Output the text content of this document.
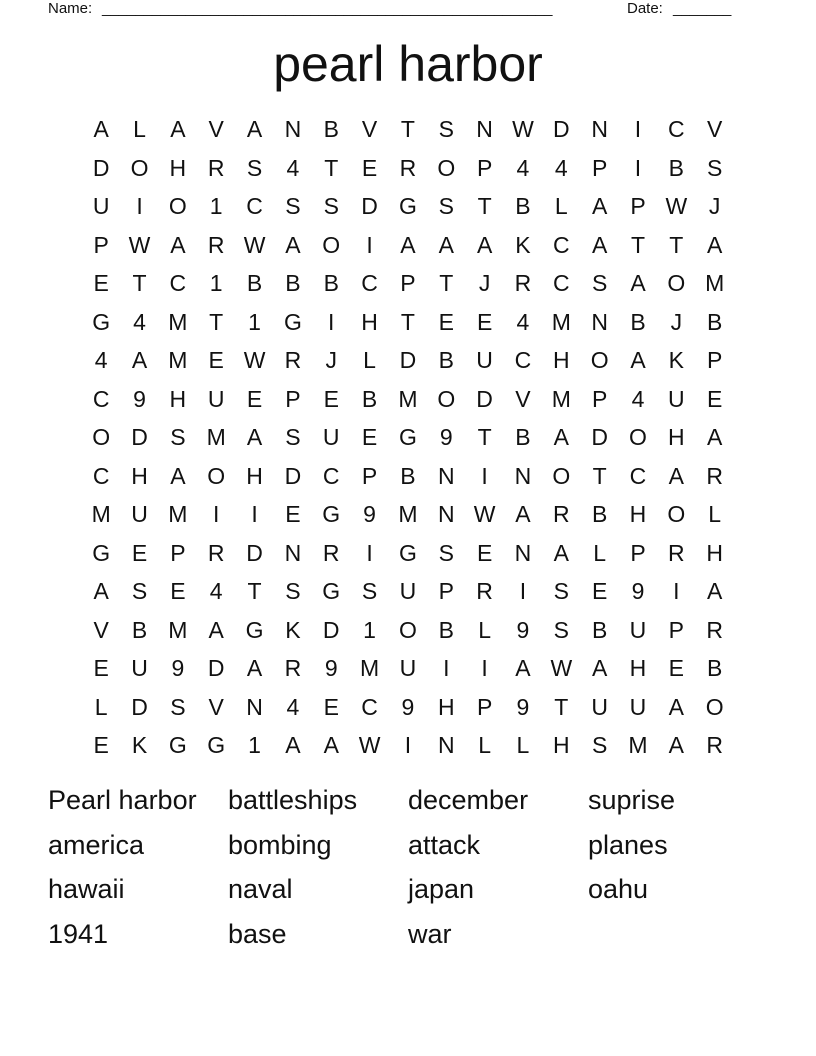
Name: ______________________________________________________	Date: _______
pearl harbor
A	L	A	V	A N B	V	T	S N W D N	I	C V
D O H R S	4	T	E R O P	4	4	P	I	B	S
U	I	O	1	C S	S D G S	T	B	L	A	P W J
P W A R W A O	I	A	A	A	K C A	T	T	A
E	T	C	1	B	B	B C P	T	J	R C S	A O M
G	4 M T	1	G	I	H	T	E	E	4 M N B	J	B
4	A M E W R	J	L	D B U C H O A	K	P
C	9	H U E	P	E	B M O D V M P	4	U E
O D S M A	S U E G	9	T	B	A D O H A
C H A O H D C P	B N	I	N O T	C A R
M U M	I	I	E G	9 M N W A R B H O	L
G E	P R D N R	I	G S	E N A	L	P R H
A	S	E	4	T	S G S U P R	I	S	E	9	I	A
V	B M A G K D	1	O B	L	9	S	B U P R
E U	9	D A R	9 M U	I	I	A W A H E	B
L	D S	V N	4	E C	9	H P	9	T	U U A O
E	K G G	1	A	A W	I	N	L	L	H S M A R
Pearl harbor	battleships	december	suprise
america	bombing	attack	planes
hawaii	naval	japan	oahu
1941	base	war
